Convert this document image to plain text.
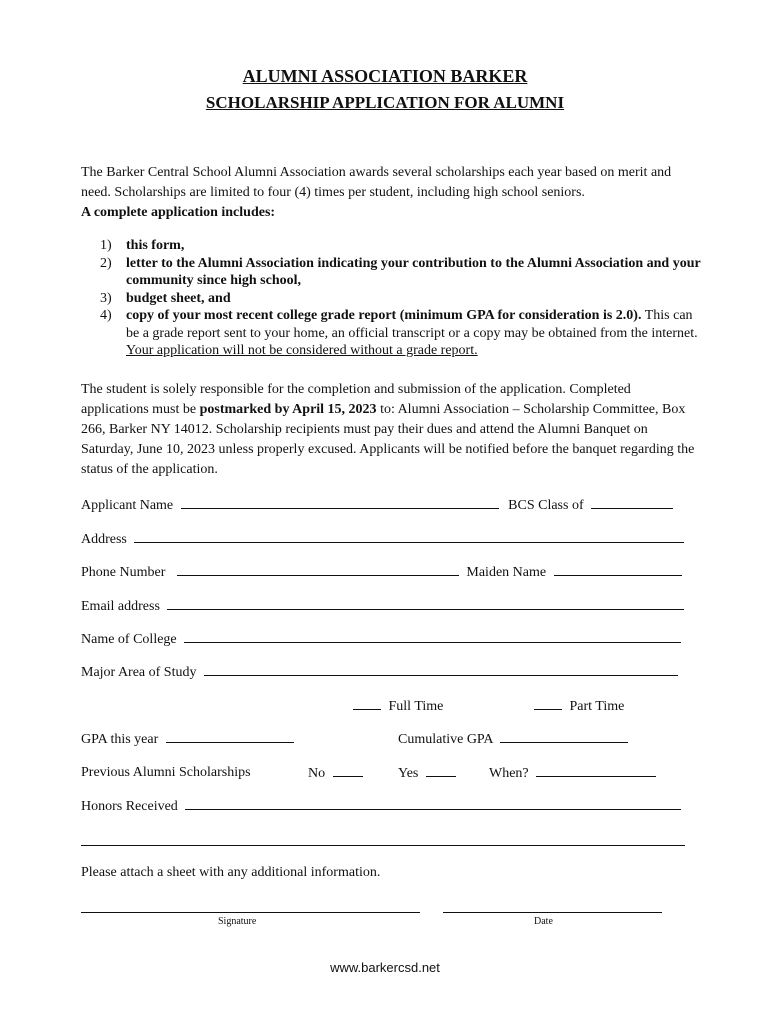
ALUMNI ASSOCIATION BARKER
SCHOLARSHIP APPLICATION FOR ALUMNI
The Barker Central School Alumni Association awards several scholarships each year based on merit and need. Scholarships are limited to four (4) times per student, including high school seniors.
A complete application includes:
1) this form,
2) letter to the Alumni Association indicating your contribution to the Alumni Association and your community since high school,
3) budget sheet, and
4) copy of your most recent college grade report (minimum GPA for consideration is 2.0). This can be a grade report sent to your home, an official transcript or a copy may be obtained from the internet. Your application will not be considered without a grade report.
The student is solely responsible for the completion and submission of the application. Completed applications must be postmarked by April 15, 2023 to: Alumni Association – Scholarship Committee, Box 266, Barker NY 14012. Scholarship recipients must pay their dues and attend the Alumni Banquet on Saturday, June 10, 2023 unless properly excused. Applicants will be notified before the banquet regarding the status of the application.
Applicant Name	BCS Class of
Address
Phone Number	Maiden Name
Email address
Name of College
Major Area of Study
Full Time	Part Time
GPA this year	Cumulative GPA
Previous Alumni Scholarships	No	Yes	When?
Honors Received
Please attach a sheet with any additional information.
Signature	Date
www.barkercsd.net
